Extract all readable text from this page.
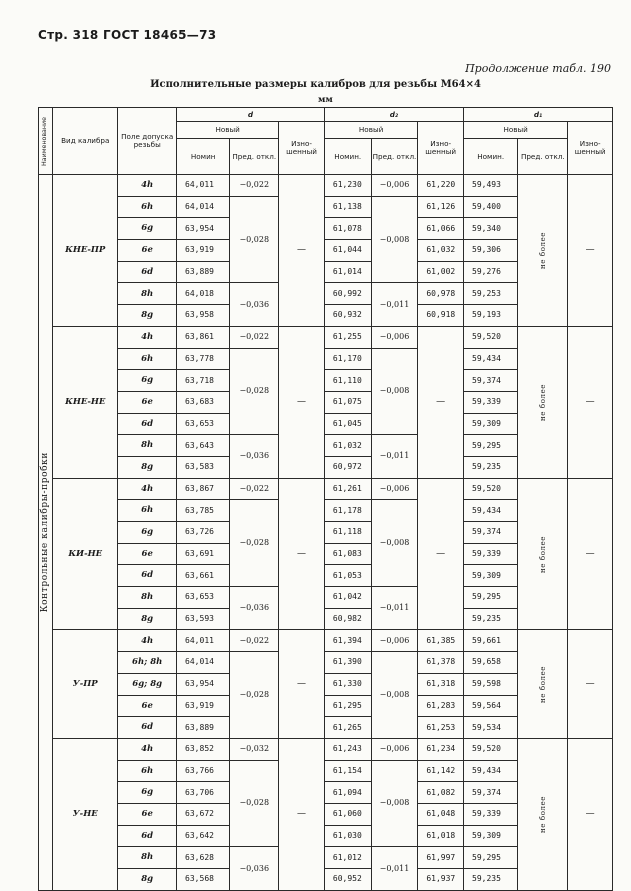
Стр. 318 ГОСТ 18465—73
Продолжение табл. 190
Исполнительные размеры калибров для резьбы М64×4
мм
Наименование	Вид калибра	Поле допуска резьбы	d			d₂			d₁		
			Новый		Изно-шенный	Новый		Изно-шенный	Новый		Изно-шенный
			Номин	Пред. откл.		Номин.	Пред. откл.		Номин.	Пред. откл.	

Контрольные калибры-пробки	КНЕ-ПР	4h	64,011	−0,022	—	61,230	−0,006	61,220	59,493	не более	—
		6h	64,014	−0,028		61,138	−0,008	61,126	59,400		
		6g	63,954			61,078		61,066	59,340		
		6e	63,919			61,044		61,032	59,306		
		6d	63,889			61,014		61,002	59,276		
		8h	64,018	−0,036		60,992	−0,011	60,978	59,253		
		8g	63,958			60,932		60,918	59,193		
	КНЕ-НЕ	4h	63,861	−0,022	—	61,255	−0,006	—	59,520	не более	—
		6h	63,778	−0,028		61,170	−0,008		59,434		
		6g	63,718			61,110			59,374		
		6e	63,683			61,075			59,339		
		6d	63,653			61,045			59,309		
		8h	63,643	−0,036		61,032	−0,011		59,295		
		8g	63,583			60,972			59,235		
	КИ-НЕ	4h	63,867	−0,022	—	61,261	−0,006	—	59,520	не более	—
		6h	63,785	−0,028		61,178	−0,008		59,434		
		6g	63,726			61,118			59,374		
		6e	63,691			61,083			59,339		
		6d	63,661			61,053			59,309		
		8h	63,653	−0,036		61,042	−0,011		59,295		
		8g	63,593			60,982			59,235		
	У-ПР	4h	64,011	−0,022	—	61,394	−0,006	61,385	59,661	не более	—
		6h; 8h	64,014	−0,028		61,390	−0,008	61,378	59,658		
		6g; 8g	63,954			61,330		61,318	59,598		
		6e	63,919			61,295		61,283	59,564		
		6d	63,889			61,265		61,253	59,534		
	У-НЕ	4h	63,852	−0,032	—	61,243	−0,006	61,234	59,520	не более	—
		6h	63,766	−0,028		61,154	−0,008	61,142	59,434		
		6g	63,706			61,094		61,082	59,374		
		6e	63,672			61,060		61,048	59,339		
		6d	63,642			61,030		61,018	59,309		
		8h	63,628	−0,036		61,012	−0,011	61,997	59,295		
		8g	63,568			60,952		61,937	59,235		
